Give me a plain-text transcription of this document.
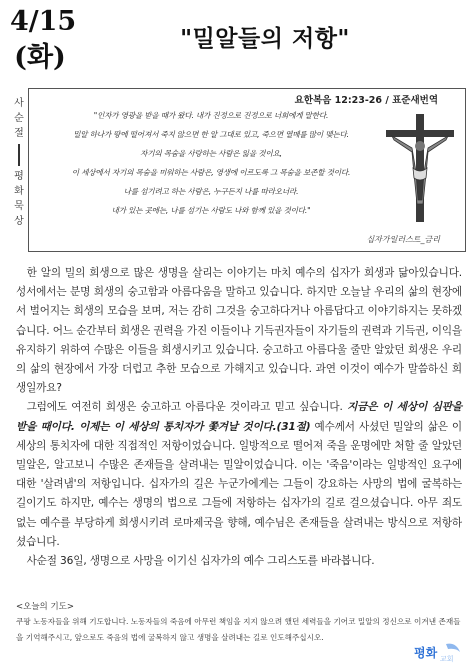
4/15
(화)
"밀알들의 저항"
사순절
평화묵상
요한복음 12:23-26 / 표준새번역
"인자가 영광을 받을 때가 왔다. 내가 진정으로 진정으로 너희에게 말한다.
밀알 하나가 땅에 떨어져서 죽지 않으면 한 알 그대로 있고, 죽으면 열매를 많이 맺는다.
자기의 목숨을 사랑하는 사람은 잃을 것이요,
이 세상에서 자기의 목숨을 미워하는 사람은, 영생에 이르도록 그 목숨을 보존할 것이다.
나를 섬기려고 하는 사람은, 누구든지 나를 따라오너라.
내가 있는 곳에는, 나를 섬기는 사람도 나와 함께 있을 것이다."
십자가일러스트_금리

한 알의 밀의 희생으로 많은 생명을 살리는 이야기는 마치 예수의 십자가 희생과 닮아있습니다. 성서에서는 분명 희생의 숭고함과 아름다움을 말하고 있습니다. 하지만 오늘날 우리의 삶의 현장에서 벌어지는 희생의 모습을 보며, 저는 감히 그것을 숭고하다거나 아름답다고 이야기하지는 못하겠습니다. 어느 순간부터 희생은 권력을 가진 이들이나 기득권자들이 자기들의 권력과 기득권, 이익을 유지하기 위하여 수많은 이들을 희생시키고 있습니다. 숭고하고 아름다울 줄만 알았던 희생은 우리의 삶의 현장에서 가장 더럽고 추한 모습으로 가해지고 있습니다. 과연 이것이 예수가 말씀하신 희생일까요?

그럼에도 여전히 희생은 숭고하고 아름다운 것이라고 믿고 싶습니다. 지금은 이 세상이 심판을 받을 때이다. 이제는 이 세상의 통치자가 쫓겨날 것이다.(31절) 예수께서 사셨던 밀알의 삶은 이 세상의 통치자에 대한 직접적인 저항이었습니다. 일방적으로 떨어져 죽을 운명에만 처할 줄 알았던 밀알은, 알고보니 수많은 존재들을 살려내는 밀알이었습니다. 이는 '죽음'이라는 일방적인 요구에 대한 '살려냄'의 저항입니다. 십자가의 길은 누군가에게는 그들이 강요하는 사망의 법에 굴복하는 길이기도 하지만, 예수는 생명의 법으로 그들에 저항하는 십자가의 길로 걸으셨습니다. 아무 죄도 없는 예수를 부당하게 희생시키려 로마제국을 향해, 예수님은 존재들을 살려내는 방식으로 저항하셨습니다.

사순절 36일, 생명으로 사망을 이기신 십자가의 예수 그리스도를 바라봅니다.

<오늘의 기도>
쿠팡 노동자들을 위해 기도합니다. 노동자들의 죽음에 아무런 책임을 지지 않으려 했던 세력들을 기어코 밀알의 정신으로 이겨낸 존재들을 기억해주시고, 앞으로도 죽음의 법에 굴복하지 않고 생명을 살려내는 길로 인도해주십시오.
평화 교회
